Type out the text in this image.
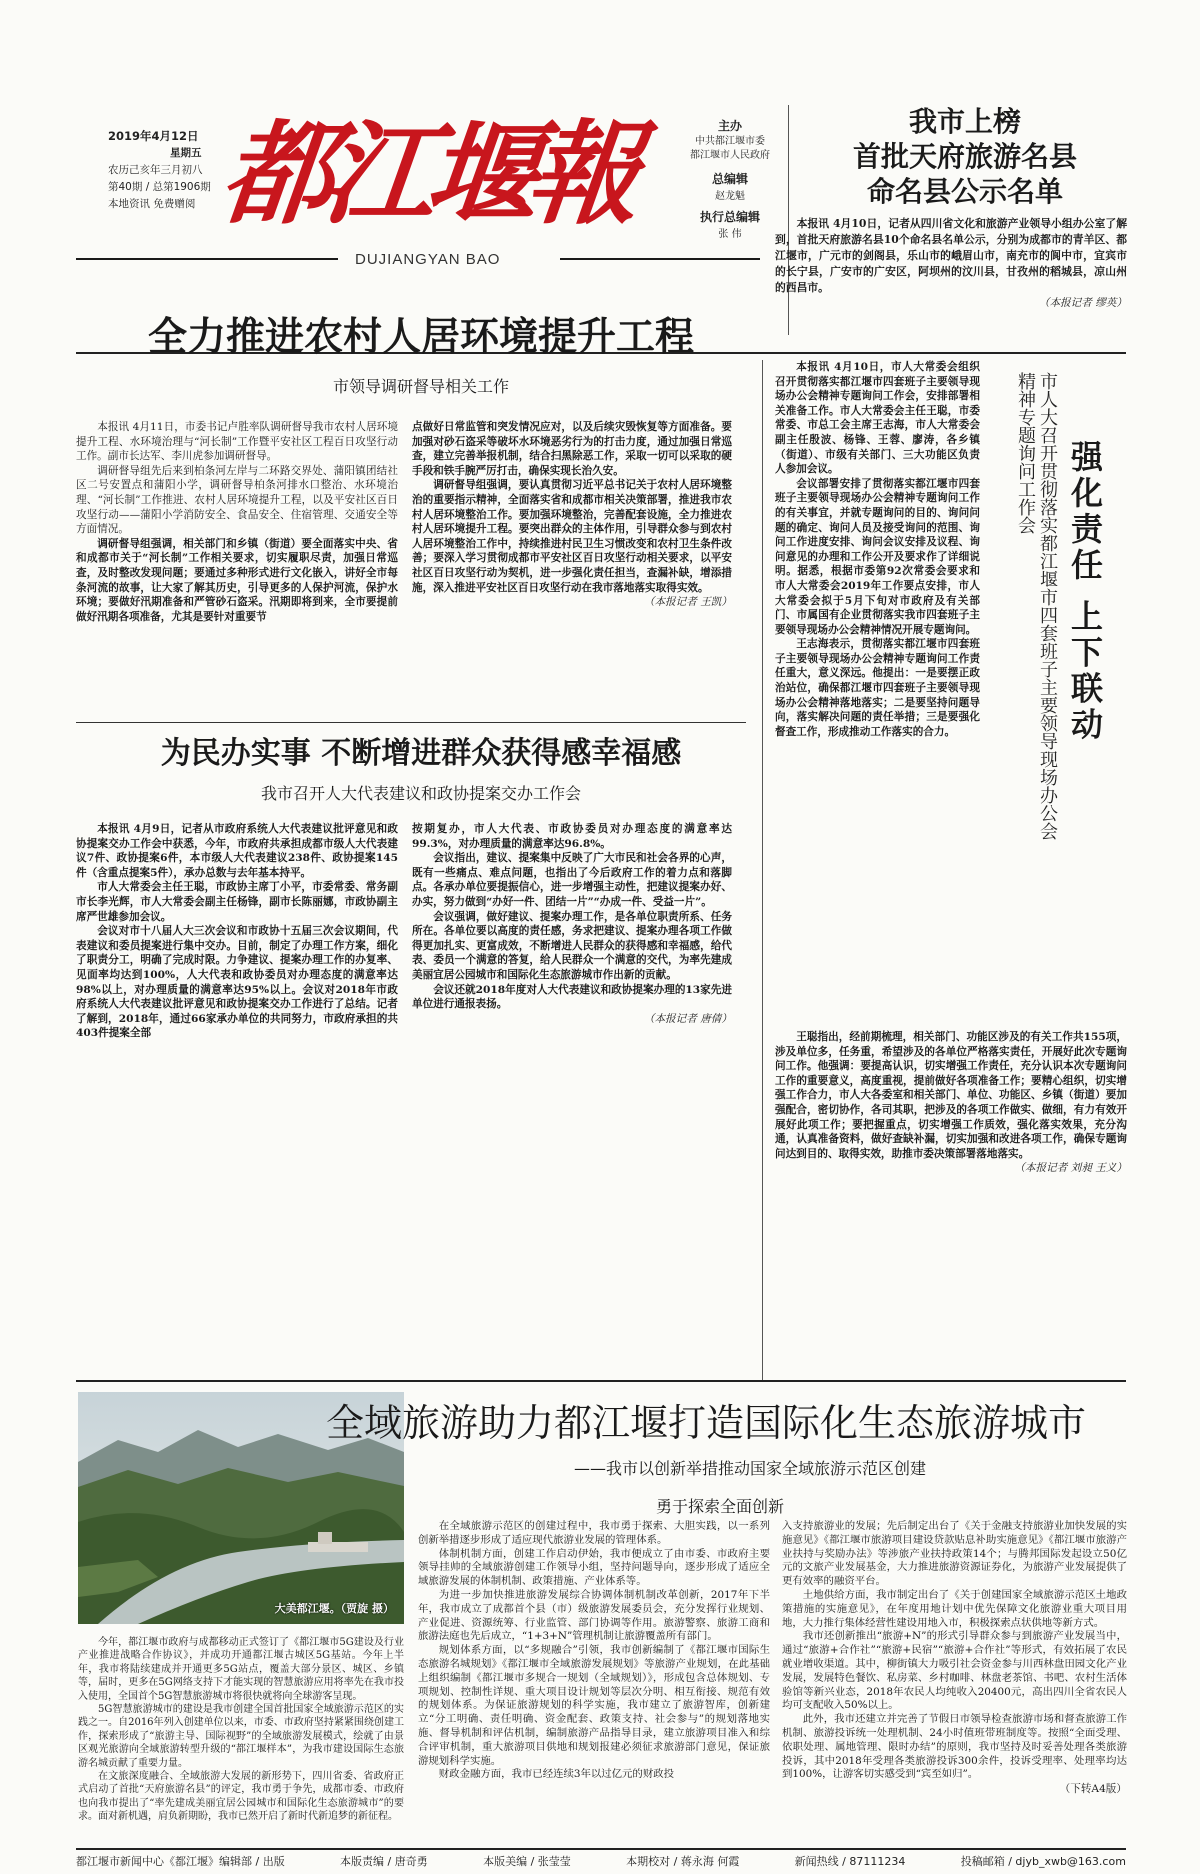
2019年4月12日
星期五
农历己亥年三月初八
第40期 / 总第1906期
本地资讯 免费赠阅 都江堰報
DUJIANGYAN BAO
主办
中共都江堰市委
都江堰市人民政府
总编辑
赵龙魁
执行总编辑
张 伟
我市上榜
首批天府旅游名县
命名县公示名单

本报讯 4月10日，记者从四川省文化和旅游产业领导小组办公室了解到，首批天府旅游名县10个命名县名单公示，分别为成都市的青羊区、都江堰市，广元市的剑阁县，乐山市的峨眉山市，南充市的阆中市，宜宾市的长宁县，广安市的广安区，阿坝州的汶川县，甘孜州的稻城县，凉山州的西昌市。

（本报记者 缪英）
全力推进农村人居环境提升工程
市领导调研督导相关工作

本报讯 4月11日，市委书记卢胜率队调研督导我市农村人居环境提升工程、水环境治理与“河长制”工作暨平安社区工程百日攻坚行动工作。副市长达军、李川虎参加调研督导。

调研督导组先后来到柏条河左岸与二环路交界处、蒲阳镇团结社区二号安置点和蒲阳小学，调研督导柏条河排水口整治、水环境治理、“河长制”工作推进、农村人居环境提升工程，以及平安社区百日攻坚行动——蒲阳小学消防安全、食品安全、住宿管理、交通安全等方面情况。

调研督导组强调，相关部门和乡镇（街道）要全面落实中央、省和成都市关于“河长制”工作相关要求，切实履职尽责，加强日常巡查，及时整改发现问题；要通过多种形式进行文化嵌入，讲好全市每条河流的故事，让大家了解其历史，引导更多的人保护河流，保护水环境；要做好汛期准备和严管砂石盗采。汛期即将到来，全市要提前做好汛期各项准备，尤其是要针对重要节

点做好日常监管和突发情况应对，以及后续灾毁恢复等方面准备。要加强对砂石盗采等破坏水环境恶劣行为的打击力度，通过加强日常巡查，建立完善举报机制，结合扫黑除恶工作，采取一切可以采取的硬手段和铁手腕严厉打击，确保实现长治久安。

调研督导组强调，要认真贯彻习近平总书记关于农村人居环境整治的重要指示精神，全面落实省和成都市相关决策部署，推进我市农村人居环境整治工作。要加强环境整治，完善配套设施，全力推进农村人居环境提升工程。要突出群众的主体作用，引导群众参与到农村人居环境整治工作中，持续推进村民卫生习惯改变和农村卫生条件改善；要深入学习贯彻成都市平安社区百日攻坚行动相关要求，以平安社区百日攻坚行动为契机，进一步强化责任担当，查漏补缺，增添措施，深入推进平安社区百日攻坚行动在我市落地落实取得实效。

（本报记者 王凯）
为民办实事 不断增进群众获得感幸福感
我市召开人大代表建议和政协提案交办工作会

本报讯 4月9日，记者从市政府系统人大代表建议批评意见和政协提案交办工作会中获悉，今年，市政府共承担成都市级人大代表建议7件、政协提案6件，本市级人大代表建议238件、政协提案145件（含重点提案5件），承办总数与去年基本持平。

市人大常委会主任王聪，市政协主席丁小平，市委常委、常务副市长李光辉，市人大常委会副主任杨锋，副市长陈丽娜，市政协副主席严世雄参加会议。

会议对市十八届人大三次会议和市政协十五届三次会议期间，代表建议和委员提案进行集中交办。目前，制定了办理工作方案，细化了职责分工，明确了完成时限。力争建议、提案办理工作的办复率、见面率均达到100%，人大代表和政协委员对办理态度的满意率达98%以上，对办理质量的满意率达95%以上。会议对2018年市政府系统人大代表建议批评意见和政协提案交办工作进行了总结。记者了解到，2018年，通过66家承办单位的共同努力，市政府承担的共403件提案全部

按期复办，市人大代表、市政协委员对办理态度的满意率达99.3%，对办理质量的满意率达96.8%。

会议指出，建议、提案集中反映了广大市民和社会各界的心声，既有一些痛点、难点问题，也指出了今后政府工作的着力点和落脚点。各承办单位要提振信心，进一步增强主动性，把建议提案办好、办实，努力做到“办好一件、团结一片”“办成一件、受益一片”。

会议强调，做好建议、提案办理工作，是各单位职责所系、任务所在。各单位要以高度的责任感，务求把建议、提案办理各项工作做得更加扎实、更富成效，不断增进人民群众的获得感和幸福感，给代表、委员一个满意的答复，给人民群众一个满意的交代，为率先建成美丽宜居公园城市和国际化生态旅游城市作出新的贡献。

会议还就2018年度对人大代表建议和政协提案办理的13家先进单位进行通报表扬。

（本报记者 唐倩）

本报讯 4月10日，市人大常委会组织召开贯彻落实都江堰市四套班子主要领导现场办公会精神专题询问工作会，安排部署相关准备工作。市人大常委会主任王聪，市委常委、市总工会主席王志海，市人大常委会副主任殷波、杨锋、王蓉、廖涛，各乡镇（街道）、市级有关部门、三大功能区负责人参加会议。

会议部署安排了贯彻落实都江堰市四套班子主要领导现场办公会精神专题询问工作的有关事宜，并就专题询问的目的、询问问题的确定、询问人员及接受询问的范围、询问工作进度安排、询问会议安排及议程、询问意见的办理和工作公开及要求作了详细说明。据悉，根据市委第92次常委会要求和市人大常委会2019年工作要点安排，市人大常委会拟于5月下旬对市政府及有关部门、市属国有企业贯彻落实我市四套班子主要领导现场办公会精神情况开展专题询问。

王志海表示，贯彻落实都江堰市四套班子主要领导现场办公会精神专题询问工作责任重大，意义深远。他提出：一是要摆正政治站位，确保都江堰市四套班子主要领导现场办公会精神落地落实；二是要坚持问题导向，落实解决问题的责任举措；三是要强化督查工作，形成推动工作落实的合力。	强化责任 上下联动
市人大召开贯彻落实都江堰市四套班子主要领导现场办公会精神专题询问工作会

王聪指出，经前期梳理，相关部门、功能区涉及的有关工作共155项，涉及单位多，任务重，希望涉及的各单位严格落实责任，开展好此次专题询问工作。他强调：要提高认识，切实增强工作责任，充分认识本次专题询问工作的重要意义，高度重视，提前做好各项准备工作；要精心组织，切实增强工作合力，市人大各委室和相关部门、单位、功能区、乡镇（街道）要加强配合，密切协作，各司其职，把涉及的各项工作做实、做细，有力有效开展好此项工作；要把握重点，切实增强工作质效，强化落实效果，充分沟通，认真准备资料，做好查缺补漏，切实加强和改进各项工作，确保专题询问达到目的、取得实效，助推市委决策部署落地落实。

（本报记者 刘昶 王义）
大美都江堰。（贾旋 摄）
全域旅游助力都江堰打造国际化生态旅游城市
——我市以创新举措推动国家全域旅游示范区创建
勇于探索全面创新

今年，都江堰市政府与成都移动正式签订了《都江堰市5G建设及行业产业推进战略合作协议》，并成功开通都江堰古城区5G基站。今年上半年，我市将陆续建成并开通更多5G站点，覆盖大部分景区、城区、乡镇等，届时，更多在5G网络支持下才能实现的智慧旅游应用将率先在我市投入使用，全国首个5G智慧旅游城市将很快就将向全球游客呈现。

5G智慧旅游城市的建设是我市创建全国首批国家全域旅游示范区的实践之一。自2016年列入创建单位以来，市委、市政府坚持紧紧围绕创建工作，探索形成了“旅游主导、国际视野”的全域旅游发展模式，绘就了由景区观光旅游向全域旅游转型升级的“都江堰样本”，为我市建设国际生态旅游名城贡献了重要力量。

在文旅深度融合、全域旅游大发展的新形势下，四川省委、省政府正式启动了首批“天府旅游名县”的评定，我市勇于争先，成都市委、市政府也向我市提出了“率先建成美丽宜居公园城市和国际化生态旅游城市”的要求。面对新机遇，肩负新期盼，我市已然开启了新时代新追梦的新征程。

在全域旅游示范区的创建过程中，我市勇于探索、大胆实践，以一系列创新举措逐步形成了适应现代旅游业发展的管理体系。

体制机制方面，创建工作启动伊始，我市便成立了由市委、市政府主要领导挂帅的全域旅游创建工作领导小组，坚持问题导向，逐步形成了适应全域旅游发展的体制机制、政策措施、产业体系等。

为进一步加快推进旅游发展综合协调体制机制改革创新，2017年下半年，我市成立了成都首个县（市）级旅游发展委员会，充分发挥行业规划、产业促进、资源统筹、行业监管、部门协调等作用。旅游警察、旅游工商和旅游法庭也先后成立，“1+3+N”管理机制让旅游覆盖所有部门。

规划体系方面，以“多规融合”引领，我市创新编制了《都江堰市国际生态旅游名城规划》《都江堰市全域旅游发展规划》等旅游产业规划，在此基础上组织编制《都江堰市多规合一规划（全域规划）》，形成包含总体规划、专项规划、控制性详规、重大项目设计规划等层次分明、相互衔接、规范有效的规划体系。为保证旅游规划的科学实施，我市建立了旅游智库，创新建立“分工明确、责任明确、资金配套、政策支持、社会参与”的规划落地实施、督导机制和评估机制，编制旅游产品指导目录，建立旅游项目准入和综合评审机制，重大旅游项目供地和规划报建必须征求旅游部门意见，保证旅游规划科学实施。

财政金融方面，我市已经连续3年以过亿元的财政投

入支持旅游业的发展；先后制定出台了《关于金融支持旅游业加快发展的实施意见》《都江堰市旅游项目建设贷款贴息补助实施意见》《都江堰市旅游产业扶持与奖励办法》等涉旅产业扶持政策14个；与腾邦国际发起设立50亿元的文旅产业发展基金，大力推进旅游资源证券化，为旅游产业发展提供了更有效率的融资平台。

土地供给方面，我市制定出台了《关于创建国家全域旅游示范区土地政策措施的实施意见》，在年度用地计划中优先保障文化旅游业重大项目用地，大力推行集体经营性建设用地入市，积极探索点状供地等新方式。

我市还创新推出“旅游+N”的形式引导群众参与到旅游产业发展当中，通过“旅游+合作社”“旅游+民宿”“旅游+合作社”等形式，有效拓展了农民就业增收渠道。其中，柳街镇大力吸引社会资金参与川西林盘田园文化产业发展，发展特色餐饮、私房菜、乡村咖啡、林盘老茶馆、书吧、农村生活体验馆等新兴业态，2018年农民人均纯收入20400元，高出四川全省农民人均可支配收入50%以上。

此外，我市还建立并完善了节假日市领导检查旅游市场和督查旅游工作机制、旅游投诉统一处理机制、24小时值班带班制度等。按照“全面受理、依职处理、属地管理、限时办结”的原则，我市坚持及时妥善处理各类旅游投诉，其中2018年受理各类旅游投诉300余件，投诉受理率、处理率均达到100%，让游客切实感受到“宾至如归”。

（下转A4版）
都江堰市新闻中心《都江堰》编辑部 / 出版	本版责编 / 唐奇勇	本版美编 / 张莹莹	本期校对 / 蒋永海 何霞	新闻热线 / 87111234	投稿邮箱 / djyb_xwb@163.com
